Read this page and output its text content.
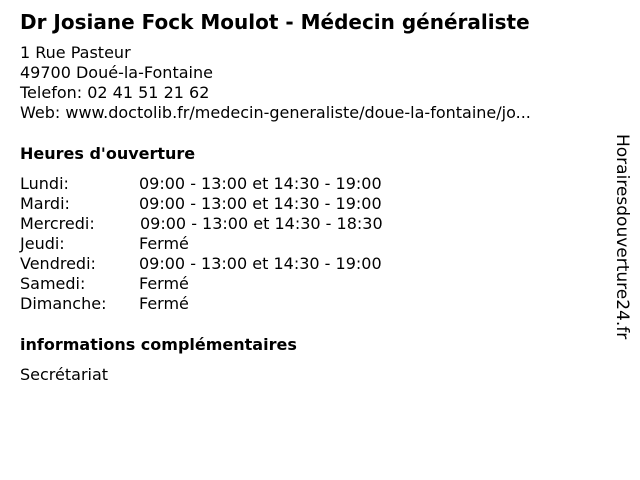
Dr Josiane Fock Moulot - Médecin généraliste
1 Rue Pasteur
49700 Doué-la-Fontaine
Telefon: 02 41 51 21 62
Web: www.doctolib.fr/medecin-generaliste/doue-la-fontaine/jo...
Heures d'ouverture
Lundi:	09:00 - 13:00 et 14:30 - 19:00
Mardi:	09:00 - 13:00 et 14:30 - 19:00
Mercredi:	09:00 - 13:00 et 14:30 - 18:30
Jeudi:	Fermé
Vendredi:	09:00 - 13:00 et 14:30 - 19:00
Samedi:	Fermé
Dimanche: Fermé
informations complémentaires
Secrétariat
Horairesdouverture24.fr
